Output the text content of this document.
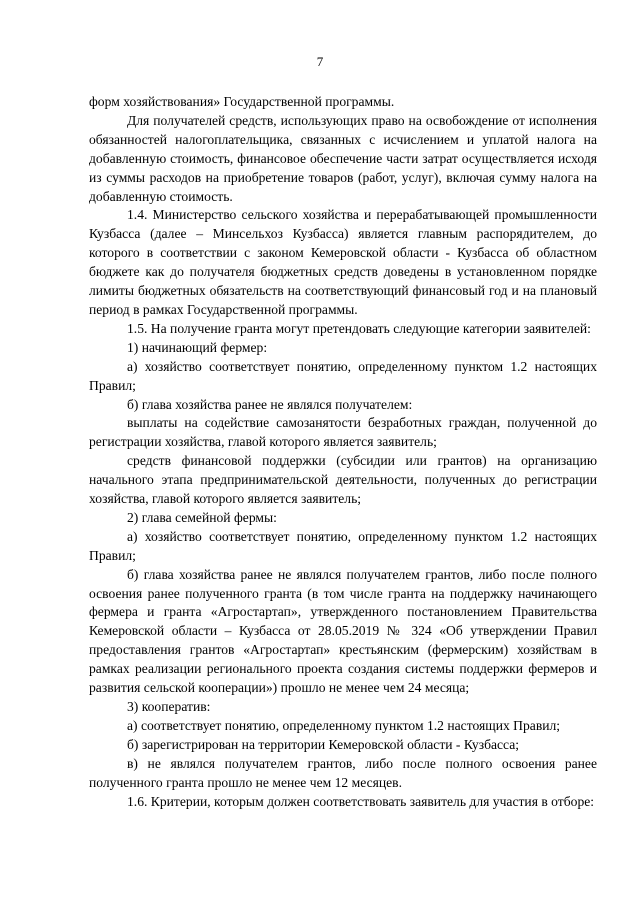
7

форм хозяйствования» Государственной программы.

Для получателей средств, использующих право на освобождение от исполнения обязанностей налогоплательщика, связанных с исчислением и уплатой налога на добавленную стоимость, финансовое обеспечение части затрат осуществляется исходя из суммы расходов на приобретение товаров (работ, услуг), включая сумму налога на добавленную стоимость.

1.4. Министерство сельского хозяйства и перерабатывающей промышленности Кузбасса (далее – Минсельхоз Кузбасса) является главным распорядителем, до которого в соответствии с законом Кемеровской области - Кузбасса об областном бюджете как до получателя бюджетных средств доведены в установленном порядке лимиты бюджетных обязательств на соответствующий финансовый год и на плановый период в рамках Государственной программы.

1.5. На получение гранта могут претендовать следующие категории заявителей:

1) начинающий фермер:

а) хозяйство соответствует понятию, определенному пунктом 1.2 настоящих Правил;

б) глава хозяйства ранее не являлся получателем:

выплаты на содействие самозанятости безработных граждан, полученной до регистрации хозяйства, главой которого является заявитель;

средств финансовой поддержки (субсидии или грантов) на организацию начального этапа предпринимательской деятельности, полученных до регистрации хозяйства, главой которого является заявитель;

2) глава семейной фермы:

а) хозяйство соответствует понятию, определенному пунктом 1.2 настоящих Правил;

б) глава хозяйства ранее не являлся получателем грантов, либо после полного освоения ранее полученного гранта (в том числе гранта на поддержку начинающего фермера и гранта «Агростартап», утвержденного постановлением Правительства Кемеровской области – Кузбасса от 28.05.2019 № 324 «Об утверждении Правил предоставления грантов «Агростартап» крестьянским (фермерским) хозяйствам в рамках реализации регионального проекта создания системы поддержки фермеров и развития сельской кооперации») прошло не менее чем 24 месяца;

3) кооператив:

а) соответствует понятию, определенному пунктом 1.2 настоящих Правил;

б) зарегистрирован на территории Кемеровской области - Кузбасса;

в) не являлся получателем грантов, либо после полного освоения ранее полученного гранта прошло не менее чем 12 месяцев.

1.6. Критерии, которым должен соответствовать заявитель для участия в отборе:
